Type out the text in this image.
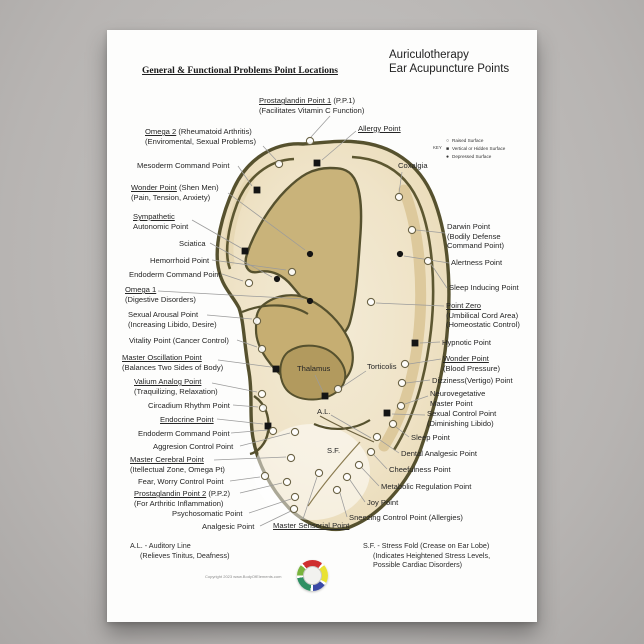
General & Functional Problems Point Locations
Auriculotherapy
Ear Acupuncture Points
KEY
○ Raised Surface
■ Vertical or Hidden Surface
● Depressed Surface
Prostaglandin Point 1 (P.P.1)
(Facilitates Vitamin C Function)
Omega 2 (Rheumatoid Arthritis)
(Enviromental, Sexual Problems)
Allergy Point
Mesoderm Command Point
Wonder Point (Shen Men)
(Pain, Tension, Anxiety)
Sympathetic
Autonomic Point
Sciatica
Hemorrhoid Point
Endoderm Command Point
Omega 1
(Digestive Disorders)
Sexual Arousal Point
(Increasing Libido, Desire)
Vitality Point (Cancer Control)
Master Oscillation Point
(Balances Two Sides of Body)
Valium Analog Point
(Traquilizing, Relaxation)
Circadium Rhythm Point
Endocrine Point
Endoderm Command Point
Aggresion Control Point
Master Cerebral Point
(Itellectual Zone, Omega Pt)
Fear, Worry Control Point
Prostaglandin Point 2 (P.P.2)
(For Arthritic Inflammation)
Psychosomatic Point
Analgesic Point
Thalamus	Torticolis
A.L.
S.F.
Master Sensorial Point
Coxalgia
Darwin Point
(Bodily Defense
Command Point)
Alertness Point
Sleep Inducing Point
Point Zero
(Umbilical Cord Area)
(Homeostatic Control)
Hypnotic Point
Wonder Point
(Blood Pressure)
Dizziness(Vertigo) Point
Neurovegetative
Master Point
Sexual Control Point
(Diminishing Libido)
Sleep Point
Dental Analgesic Point
Cheefulness Point
Metabolic Regulation Point
Joy Point
Sneezing Control Point (Allergies)
A.L. - Auditory Line
(Relieves Tinitus, Deafness)
S.F. - Stress Fold (Crease on Ear Lobe)
(Indicates Heightened Stress Levels,
Possible Cardiac Disorders)
Copyright 2023 www.BodyOfElements.com
